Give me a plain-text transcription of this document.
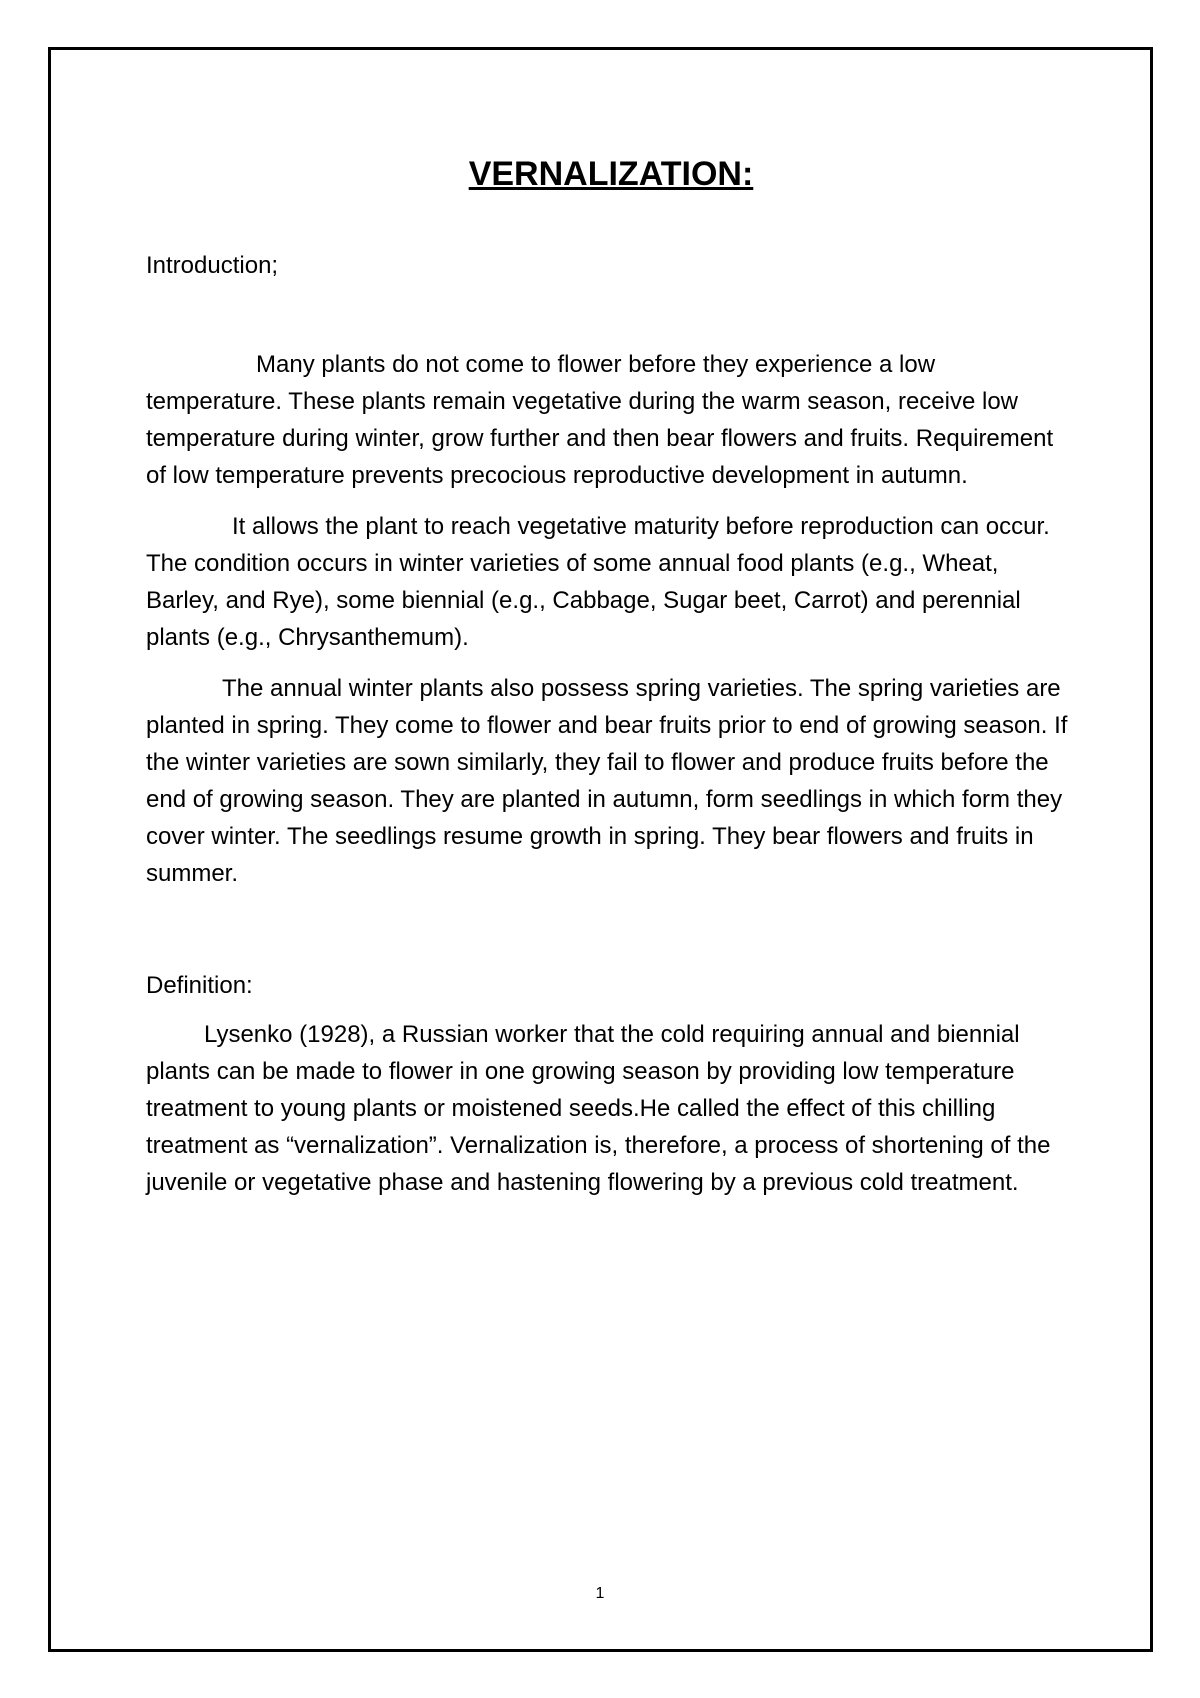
VERNALIZATION:

Introduction;

Many plants do not come to flower before they experience a low temperature. These plants remain vegetative during the warm season, receive low temperature during winter, grow further and then bear flowers and fruits. Requirement of low temperature prevents precocious reproductive development in autumn.

It allows the plant to reach vegetative maturity before reproduction can occur. The condition occurs in winter varieties of some annual food plants (e.g., Wheat, Barley, and Rye), some biennial (e.g., Cabbage, Sugar beet, Carrot) and perennial plants (e.g., Chrysanthemum).

The annual winter plants also possess spring varieties. The spring varieties are planted in spring. They come to flower and bear fruits prior to end of growing season. If the winter varieties are sown similarly, they fail to flower and produce fruits before the end of growing season. They are planted in autumn, form seedlings in which form they cover winter. The seedlings resume growth in spring. They bear flowers and fruits in summer.

Definition:

Lysenko (1928), a Russian worker that the cold requiring annual and biennial plants can be made to flower in one growing season by providing low temperature treatment to young plants or moistened seeds.He called the effect of this chilling treatment as “vernalization”. Vernalization is, therefore, a process of shortening of the juvenile or vegetative phase and hastening flowering by a previous cold treatment.

1
